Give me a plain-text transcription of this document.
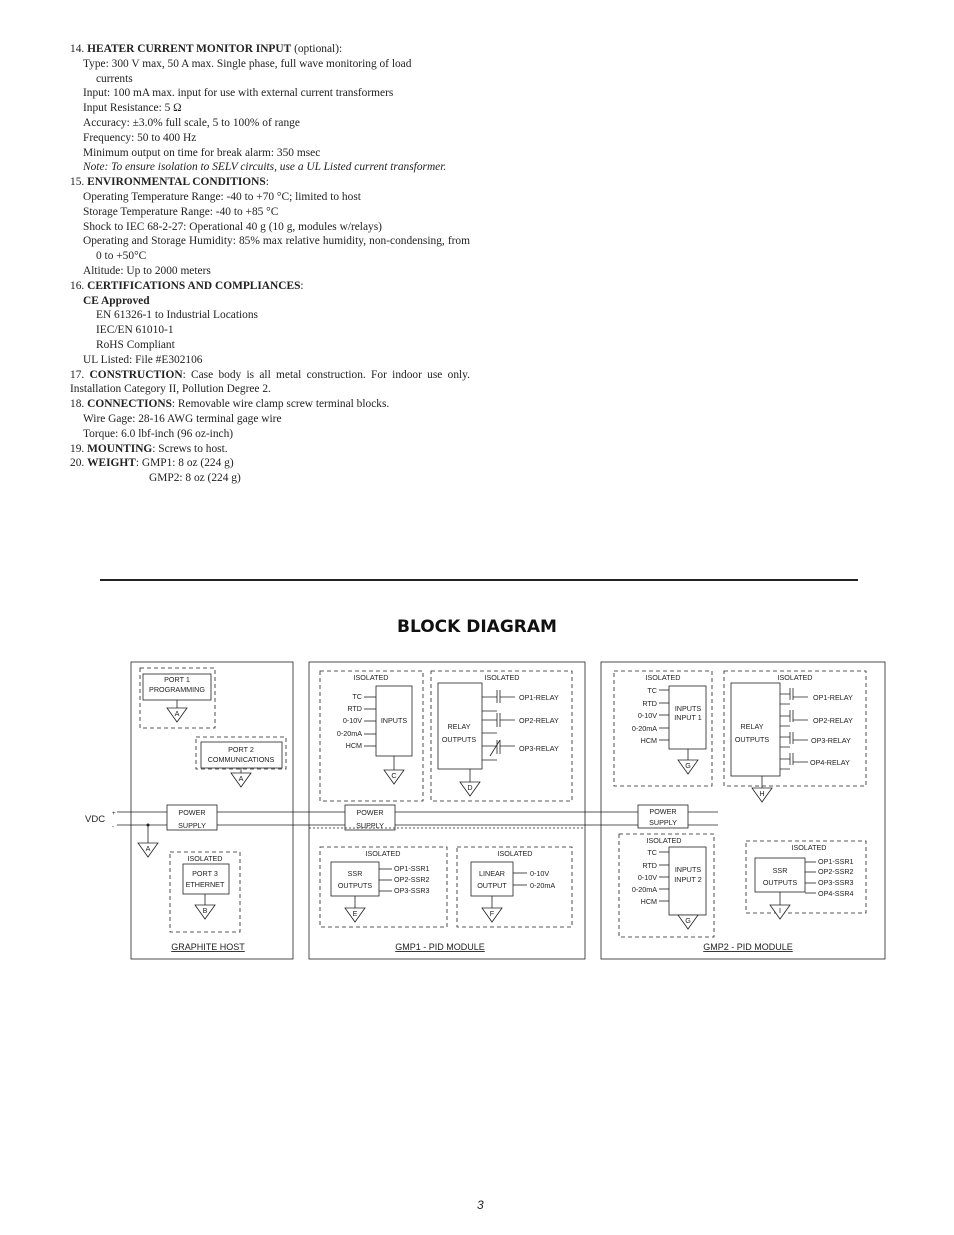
14. HEATER CURRENT MONITOR INPUT (optional):

Type: 300 V max, 50 A max. Single phase, full wave monitoring of load

currents

Input: 100 mA max. input for use with external current transformers

Input Resistance: 5 Ω

Accuracy: ±3.0% full scale, 5 to 100% of range

Frequency: 50 to 400 Hz

Minimum output on time for break alarm: 350 msec

Note: To ensure isolation to SELV circuits, use a UL Listed current transformer.

15. ENVIRONMENTAL CONDITIONS:

Operating Temperature Range: -40 to +70 °C; limited to host

Storage Temperature Range: -40 to +85 °C

Shock to IEC 68-2-27: Operational 40 g (10 g, modules w/relays)

Operating and Storage Humidity: 85% max relative humidity, non-condensing, from 0 to +50°C

Altitude: Up to 2000 meters

16. CERTIFICATIONS AND COMPLIANCES:

CE Approved

EN 61326-1 to Industrial Locations

IEC/EN 61010-1

RoHS Compliant

UL Listed: File #E302106

17. CONSTRUCTION: Case body is all metal construction. For indoor use only. Installation Category II, Pollution Degree 2.

18. CONNECTIONS: Removable wire clamp screw terminal blocks.

Wire Gage: 28-16 AWG terminal gage wire

Torque: 6.0 lbf-inch (96 oz-inch)

19. MOUNTING: Screws to host.

20. WEIGHT: GMP1: 8 oz (224 g)

GMP2: 8 oz (224 g)

BLOCK DIAGRAM
A
A
A
B
C
D
E	F
G
G
H
I
VDC +
-
PORT 1
PROGRAMMING
PORT 2
COMMUNICATIONS
ISOLATED
PORT 3
ETHERNET
POWER
SUPPLY
GRAPHITE HOST
ISOLATED	ISOLATED
TC
RTD
0-10V
0-20mA
HCM
INPUTS
RELAY
OUTPUTS
OP1-RELAY
OP2-RELAY
OP3-RELAY
POWER
SUPPLY
ISOLATED	ISOLATED
SSR
OUTPUTS
OP1-SSR1
OP2-SSR2
OP3-SSR3
LINEAR
OUTPUT
0-10V
0-20mA
GMP1 - PID MODULE
ISOLATED	ISOLATED
TC
RTD
0-10V
0-20mA
HCM
INPUTS
INPUT 1
RELAY
OUTPUTS
OP1-RELAY
OP2-RELAY
OP3-RELAY
OP4-RELAY
POWER
SUPPLY
ISOLATED
TC
RTD
0-10V
0-20mA
HCM
INPUTS
INPUT 2
ISOLATED
SSR
OUTPUTS
OP1-SSR1
OP2-SSR2
OP3-SSR3
OP4-SSR4
GMP2 - PID MODULE
3
